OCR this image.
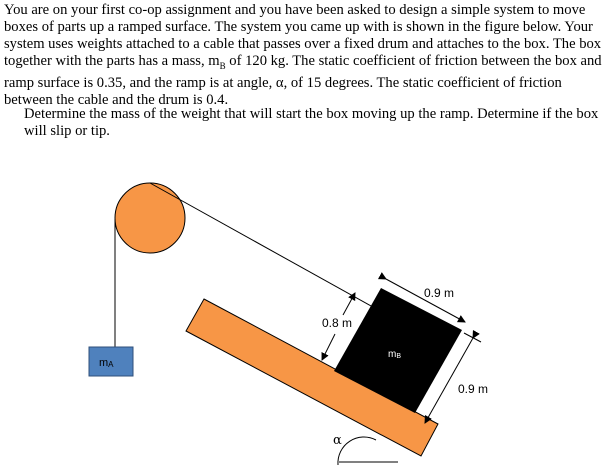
You are on your first co-op assignment and you have been asked to design a simple system to move boxes of parts up a ramped surface. The system you came up with is shown in the figure below. Your system uses weights attached to a cable that passes over a fixed drum and attaches to the box. The box together with the parts has a mass, $m_B$ of 120 kg. The static coefficient of friction between the box and ramp surface is 0.35, and the ramp is at angle, α, of 15 degrees. The static coefficient of friction between the cable and the drum is 0.4.

Determine the mass of the weight that will start the box moving up the ramp. Determine if the box will slip or tip.

mA
mB
0.8 m
0.9 m
0.9 m
α
